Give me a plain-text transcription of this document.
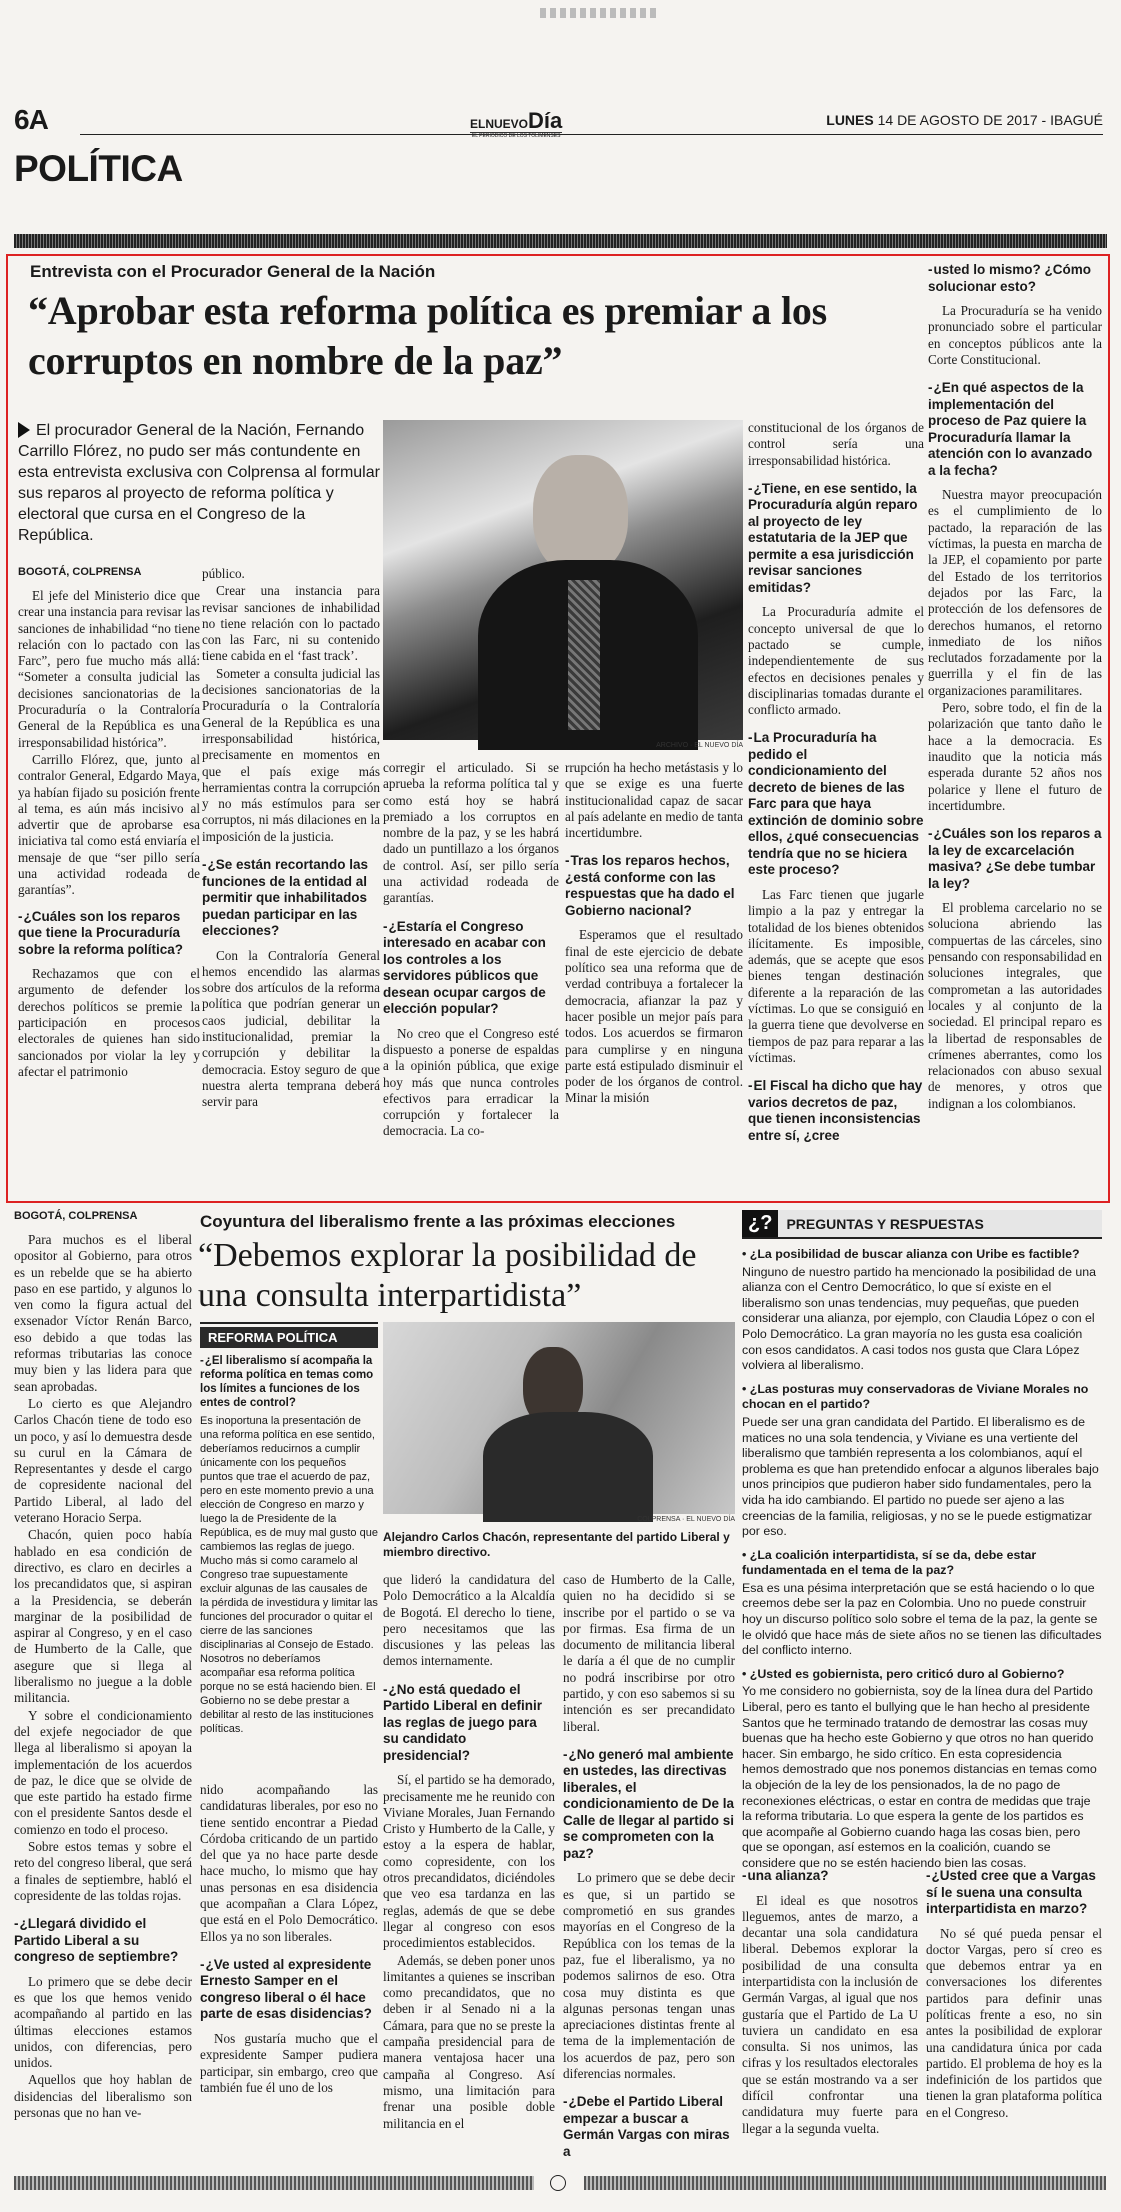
6A
POLÍTICA
ELNUEVODía
EL PERIÓDICO DE LOS TOLIMENSES
LUNES 14 DE AGOSTO DE 2017 - IBAGUÉ
Entrevista con el Procurador General de la Nación
“Aprobar esta reforma política es premiar a los corruptos en nombre de la paz”
El procurador General de la Nación, Fernando Carrillo Flórez, no pudo ser más contundente en esta entrevista exclusiva con Colprensa al formular sus reparos al proyecto de reforma política y electoral que cursa en el Congreso de la República.
ARCHIVO · EL NUEVO DÍA
BOGOTÁ, COLPRENSA

El jefe del Ministerio dice que crear una instancia para revisar las sanciones de inhabilidad “no tiene relación con lo pactado con las Farc”, pero fue mucho más allá: “Someter a consulta judicial las decisiones sancionatorias de la Procuraduría o la Contraloría General de la República es una irresponsabilidad histórica”.

Carrillo Flórez, que, junto al contralor General, Edgardo Maya, ya habían fijado su posición frente al tema, es aún más incisivo al advertir que de aprobarse esa iniciativa tal como está enviaría el mensaje de que “ser pillo sería una actividad rodeada de garantías”.

- ¿Cuáles son los reparos que tiene la Procuraduría sobre la reforma política?

Rechazamos que con el argumento de defender los derechos políticos se premie la participación en procesos electorales de quienes han sido sancionados por violar la ley y afectar el patrimonio

público.

Crear una instancia para revisar sanciones de inhabilidad no tiene relación con lo pactado con las Farc, ni su contenido tiene cabida en el ‘fast track’.

Someter a consulta judicial las decisiones sancionatorias de la Procuraduría o la Contraloría General de la República es una irresponsabilidad histórica, precisamente en momentos en que el país exige más herramientas contra la corrupción y no más estímulos para ser corruptos, ni más dilaciones en la imposición de la justicia.

- ¿Se están recortando las funciones de la entidad al permitir que inhabilitados puedan participar en las elecciones?

Con la Contraloría General hemos encendido las alarmas sobre dos artículos de la reforma política que podrían generar un caos judicial, debilitar la institucionalidad, premiar la corrupción y debilitar la democracia. Estoy seguro de que nuestra alerta temprana deberá servir para

corregir el articulado. Si se aprueba la reforma política tal y como está hoy se habrá premiado a los corruptos en nombre de la paz, y se les habrá dado un puntillazo a los órganos de control. Así, ser pillo sería una actividad rodeada de garantías.

- ¿Estaría el Congreso interesado en acabar con los controles a los servidores públicos que desean ocupar cargos de elección popular?

No creo que el Congreso esté dispuesto a ponerse de espaldas a la opinión pública, que exige hoy más que nunca controles efectivos para erradicar la corrupción y fortalecer la democracia. La co-

rrupción ha hecho metástasis y lo que se exige es una fuerte institucionalidad capaz de sacar al país adelante en medio de tanta incertidumbre.

- Tras los reparos hechos, ¿está conforme con las respuestas que ha dado el Gobierno nacional?

Esperamos que el resultado final de este ejercicio de debate político sea una reforma que de verdad contribuya a fortalecer la democracia, afianzar la paz y hacer posible un mejor país para todos. Los acuerdos se firmaron para cumplirse y en ninguna parte está estipulado disminuir el poder de los órganos de control. Minar la misión

constitucional de los órganos de control sería una irresponsabilidad histórica.

- ¿Tiene, en ese sentido, la Procuraduría algún reparo al proyecto de ley estatutaria de la JEP que permite a esa jurisdicción revisar sanciones emitidas?

La Procuraduría admite el concepto universal de que lo pactado se cumple, independientemente de sus efectos en decisiones penales y disciplinarias tomadas durante el conflicto armado.

- La Procuraduría ha pedido el condicionamiento del decreto de bienes de las Farc para que haya extinción de dominio sobre ellos, ¿qué consecuencias tendría que no se hiciera este proceso?

Las Farc tienen que jugarle limpio a la paz y entregar la totalidad de los bienes obtenidos ilícitamente. Es imposible, además, que se acepte que esos bienes tengan destinación diferente a la reparación de las víctimas. Lo que se consiguió en la guerra tiene que devolverse en tiempos de paz para reparar a las víctimas.

- El Fiscal ha dicho que hay varios decretos de paz, que tienen inconsistencias entre sí, ¿cree
- usted lo mismo? ¿Cómo solucionar esto?

La Procuraduría se ha venido pronunciado sobre el particular en conceptos públicos ante la Corte Constitucional.

- ¿En qué aspectos de la implementación del proceso de Paz quiere la Procuraduría llamar la atención con lo avanzado a la fecha?

Nuestra mayor preocupación es el cumplimiento de lo pactado, la reparación de las víctimas, la puesta en marcha de la JEP, el copamiento por parte del Estado de los territorios dejados por las Farc, la protección de los defensores de derechos humanos, el retorno inmediato de los niños reclutados forzadamente por la guerrilla y el fin de las organizaciones paramilitares.

Pero, sobre todo, el fin de la polarización que tanto daño le hace a la democracia. Es inaudito que la noticia más esperada durante 52 años nos polarice y llene el futuro de incertidumbre.

- ¿Cuáles son los reparos a la ley de excarcelación masiva? ¿Se debe tumbar la ley?

El problema carcelario no se soluciona abriendo las compuertas de las cárceles, sino pensando con responsabilidad en soluciones integrales, que comprometan a las autoridades locales y al conjunto de la sociedad. El principal reparo es la libertad de responsables de crímenes aberrantes, como los relacionados con abuso sexual de menores, y otros que indignan a los colombianos.

BOGOTÁ, COLPRENSA

Para muchos es el liberal opositor al Gobierno, para otros es un rebelde que se ha abierto paso en ese partido, y algunos lo ven como la figura actual del exsenador Víctor Renán Barco, eso debido a que todas las reformas tributarias las conoce muy bien y las lidera para que sean aprobadas.

Lo cierto es que Alejandro Carlos Chacón tiene de todo eso un poco, y así lo demuestra desde su curul en la Cámara de Representantes y desde el cargo de copresidente nacional del Partido Liberal, al lado del veterano Horacio Serpa.

Chacón, quien poco había hablado en esa condición de directivo, es claro en decirles a los precandidatos que, si aspiran a la Presidencia, se deberán marginar de la posibilidad de aspirar al Congreso, y en el caso de Humberto de la Calle, que asegure que si llega al liberalismo no juegue a la doble militancia.

Y sobre el condicionamiento del exjefe negociador de que llega al liberalismo si apoyan la implementación de los acuerdos de paz, le dice que se olvide de que este partido ha estado firme con el presidente Santos desde el comienzo en todo el proceso.

Sobre estos temas y sobre el reto del congreso liberal, que será a finales de septiembre, habló el copresidente de las toldas rojas.

- ¿Llegará dividido el Partido Liberal a su congreso de septiembre?

Lo primero que se debe decir es que los que hemos venido acompañando al partido en las últimas elecciones estamos unidos, con diferencias, pero unidos.

Aquellos que hoy hablan de disidencias del liberalismo son personas que no han ve-

Coyuntura del liberalismo frente a las próximas elecciones
“Debemos explorar la posibilidad de una consulta interpartidista”
REFORMA POLÍTICA
- ¿El liberalismo sí acompaña la reforma política en temas como los límites a funciones de los entes de control?

Es inoportuna la presentación de una reforma política en ese sentido, deberíamos reducirnos a cumplir únicamente con los pequeños puntos que trae el acuerdo de paz, pero en este momento previo a una elección de Congreso en marzo y luego la de Presidente de la República, es de muy mal gusto que cambiemos las reglas de juego.

Mucho más si como caramelo al Congreso trae supuestamente excluir algunas de las causales de la pérdida de investidura y limitar las funciones del procurador o quitar el cierre de las sanciones disciplinarias al Consejo de Estado. Nosotros no deberíamos acompañar esa reforma política porque no se está haciendo bien. El Gobierno no se debe prestar a debilitar al resto de las instituciones políticas.

nido acompañando las candidaturas liberales, por eso no tiene sentido encontrar a Piedad Córdoba criticando de un partido del que ya no hace parte desde hace mucho, lo mismo que hay unas personas en esa disidencia que acompañan a Clara López, que está en el Polo Democrático. Ellos ya no son liberales.

- ¿Ve usted al expresidente Ernesto Samper en el congreso liberal o él hace parte de esas disidencias?

Nos gustaría mucho que el expresidente Samper pudiera participar, sin embargo, creo que también fue él uno de los

COLPRENSA · EL NUEVO DÍA
Alejandro Carlos Chacón, representante del partido Liberal y miembro directivo.

que lideró la candidatura del Polo Democrático a la Alcaldía de Bogotá. El derecho lo tiene, pero necesitamos que las discusiones y las peleas las demos internamente.

- ¿No está quedado el Partido Liberal en definir las reglas de juego para su candidato presidencial?

Sí, el partido se ha demorado, precisamente me he reunido con Viviane Morales, Juan Fernando Cristo y Humberto de la Calle, y estoy a la espera de hablar, como copresidente, con los otros precandidatos, diciéndoles que veo esa tardanza en las reglas, además de que se debe llegar al congreso con esos procedimientos establecidos.

Además, se deben poner unos limitantes a quienes se inscriban como precandidatos, que no deben ir al Senado ni a la Cámara, para que no se preste la campaña presidencial para de manera ventajosa hacer una campaña al Congreso. Así mismo, una limitación para frenar una posible doble militancia en el

caso de Humberto de la Calle, quien no ha decidido si se inscribe por el partido o se va por firmas. Esa firma de un documento de militancia liberal le daría a él que de no cumplir no podrá inscribirse por otro partido, y con eso sabemos si su intención es ser precandidato liberal.

- ¿No generó mal ambiente en ustedes, las directivas liberales, el condicionamiento de De la Calle de llegar al partido si se comprometen con la paz?

Lo primero que se debe decir es que, si un partido se comprometió en sus grandes mayorías en el Congreso de la República con los temas de la paz, fue el liberalismo, ya no podemos salirnos de eso. Otra cosa muy distinta es que algunas personas tengan unas apreciaciones distintas frente al tema de la implementación de los acuerdos de paz, pero son diferencias normales.

- ¿Debe el Partido Liberal empezar a buscar a Germán Vargas con miras a
¿?	PREGUNTAS Y RESPUESTAS
• ¿La posibilidad de buscar alianza con Uribe es factible?
Ninguno de nuestro partido ha mencionado la posibilidad de una alianza con el Centro Democrático, lo que sí existe en el liberalismo son unas tendencias, muy pequeñas, que pueden considerar una alianza, por ejemplo, con Claudia López o con el Polo Democrático. La gran mayoría no les gusta esa coalición con esos candidatos. A casi todos nos gusta que Clara López volviera al liberalismo.
• ¿Las posturas muy conservadoras de Viviane Morales no chocan en el partido?
Puede ser una gran candidata del Partido. El liberalismo es de matices no una sola tendencia, y Viviane es una vertiente del liberalismo que también representa a los colombianos, aquí el problema es que han pretendido enfocar a algunos liberales bajo unos principios que pudieron haber sido fundamentales, pero la vida ha ido cambiando. El partido no puede ser ajeno a las creencias de la familia, religiosas, y no se le puede estigmatizar por eso.
• ¿La coalición interpartidista, sí se da, debe estar fundamentada en el tema de la paz?
Esa es una pésima interpretación que se está haciendo o lo que creemos debe ser la paz en Colombia. Uno no puede construir hoy un discurso político solo sobre el tema de la paz, la gente se le olvidó que hace más de siete años no se tienen las dificultades del conflicto interno.
• ¿Usted es gobiernista, pero criticó duro al Gobierno?
Yo me considero no gobiernista, soy de la línea dura del Partido Liberal, pero es tanto el bullying que le han hecho al presidente Santos que he terminado tratando de demostrar las cosas muy buenas que ha hecho este Gobierno y que otros no han querido hacer. Sin embargo, he sido crítico. En esta copresidencia hemos demostrado que nos ponemos distancias en temas como la objeción de la ley de los pensionados, la de no pago de reconexiones eléctricas, o estar en contra de medidas que traje la reforma tributaria. Lo que espera la gente de los partidos es que acompañe al Gobierno cuando haga las cosas bien, pero que se opongan, así estemos en la coalición, cuando se considere que no se estén haciendo bien las cosas.
- una alianza?

El ideal es que nosotros lleguemos, antes de marzo, a decantar una sola candidatura liberal. Debemos explorar la posibilidad de una consulta interpartidista con la inclusión de Germán Vargas, al igual que nos gustaría que el Partido de La U tuviera un candidato en esa consulta. Si nos unimos, las cifras y los resultados electorales que se están mostrando va a ser difícil confrontar una candidatura muy fuerte para llegar a la segunda vuelta.

- ¿Usted cree que a Vargas sí le suena una consulta interpartidista en marzo?

No sé qué pueda pensar el doctor Vargas, pero sí creo es que debemos entrar ya en conversaciones los diferentes partidos para definir unas políticas frente a eso, no sin antes la posibilidad de explorar una candidatura única por cada partido. El problema de hoy es la indefinición de los partidos que tienen la gran plataforma política en el Congreso.
